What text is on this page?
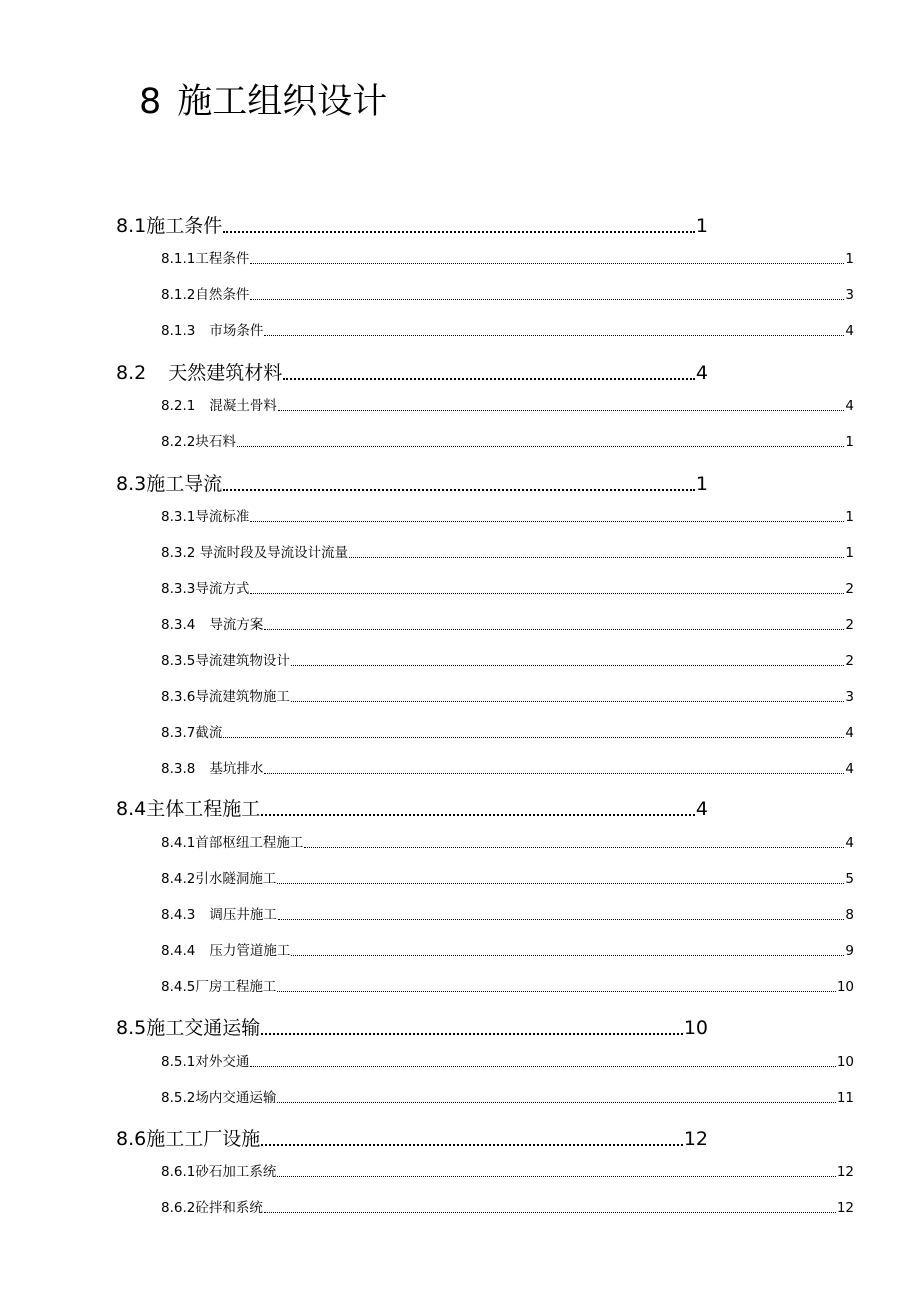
8 施工组织设计
8.1施工条件	1
8.1.1工程条件	1
8.1.2自然条件	3
8.1.3 市场条件	4
8.2 天然建筑材料	4
8.2.1 混凝土骨料	4
8.2.2块石料	1
8.3施工导流	1
8.3.1导流标准	1
8.3.2 导流时段及导流设计流量	1
8.3.3导流方式	2
8.3.4 导流方案	2
8.3.5导流建筑物设计	2
8.3.6导流建筑物施工	3
8.3.7截流	4
8.3.8 基坑排水	4
8.4主体工程施工	4
8.4.1首部枢纽工程施工	4
8.4.2引水隧洞施工	5
8.4.3 调压井施工	8
8.4.4 压力管道施工	9
8.4.5厂房工程施工	10
8.5施工交通运输	10
8.5.1对外交通	10
8.5.2场内交通运输	11
8.6施工工厂设施	12
8.6.1砂石加工系统	12
8.6.2砼拌和系统	12
